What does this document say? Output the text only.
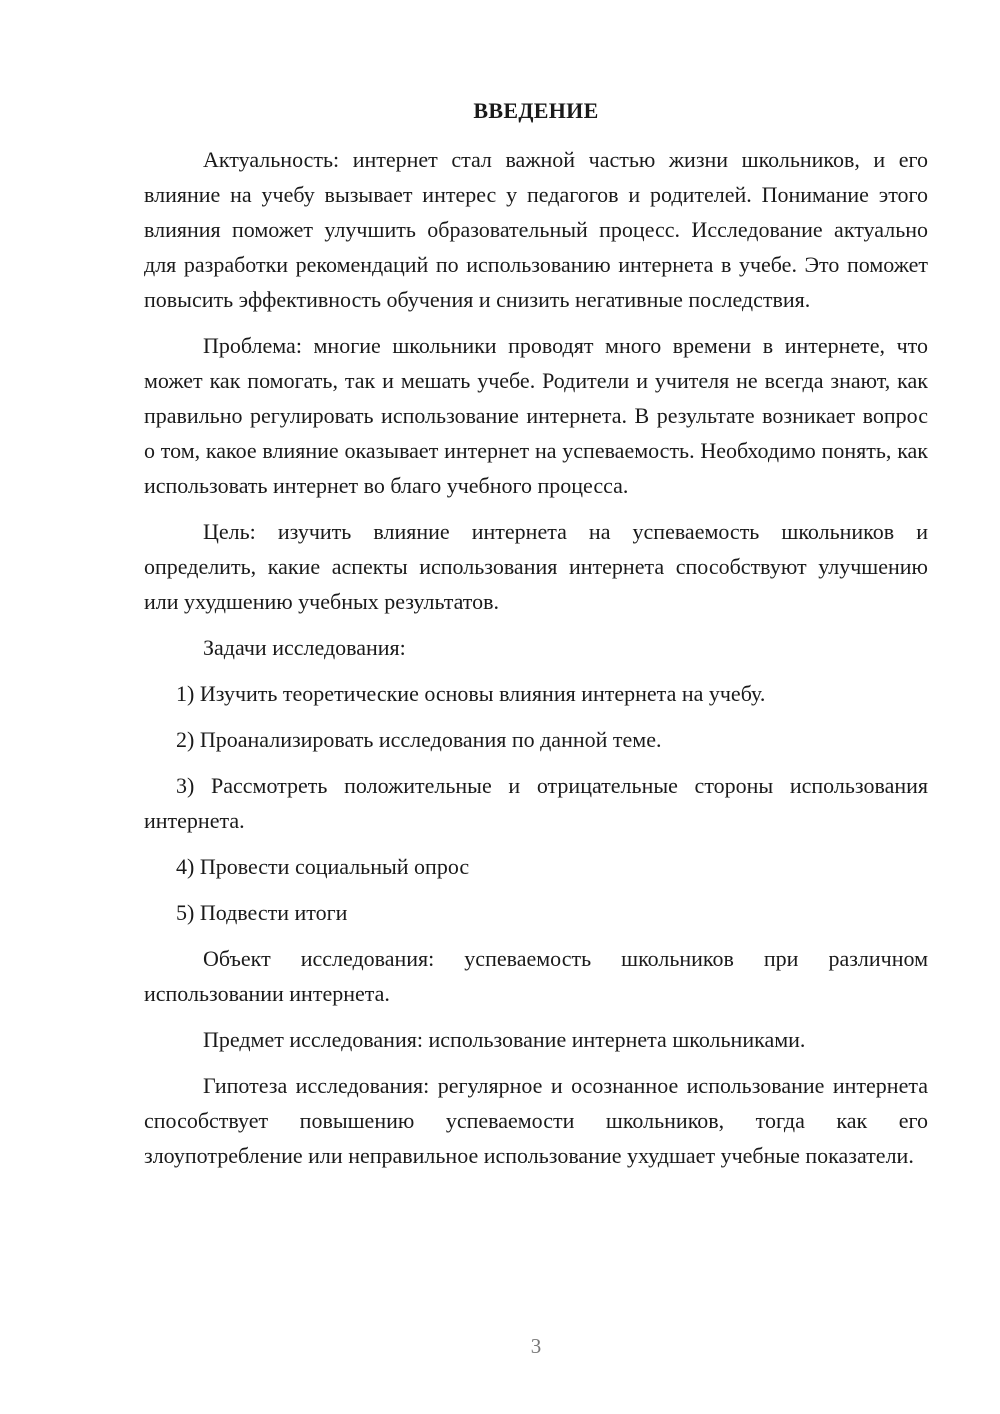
ВВЕДЕНИЕ

Актуальность: интернет стал важной частью жизни школьников, и его влияние на учебу вызывает интерес у педагогов и родителей. Понимание этого влияния поможет улучшить образовательный процесс. Исследование актуально для разработки рекомендаций по использованию интернета в учебе. Это поможет повысить эффективность обучения и снизить негативные последствия.

Проблема: многие школьники проводят много времени в интернете, что может как помогать, так и мешать учебе. Родители и учителя не всегда знают, как правильно регулировать использование интернета. В результате возникает вопрос о том, какое влияние оказывает интернет на успеваемость. Необходимо понять, как использовать интернет во благо учебного процесса.

Цель: изучить влияние интернета на успеваемость школьников и определить, какие аспекты использования интернета способствуют улучшению или ухудшению учебных результатов.

Задачи исследования:

1) Изучить теоретические основы влияния интернета на учебу.

2) Проанализировать исследования по данной теме.

3) Рассмотреть положительные и отрицательные стороны использования интернета.

4) Провести социальный опрос

5) Подвести итоги

Объект исследования: успеваемость школьников при различном использовании интернета.

Предмет исследования: использование интернета школьниками.

Гипотеза исследования: регулярное и осознанное использование интернета способствует повышению успеваемости школьников, тогда как его злоупотребление или неправильное использование ухудшает учебные показатели.

3
